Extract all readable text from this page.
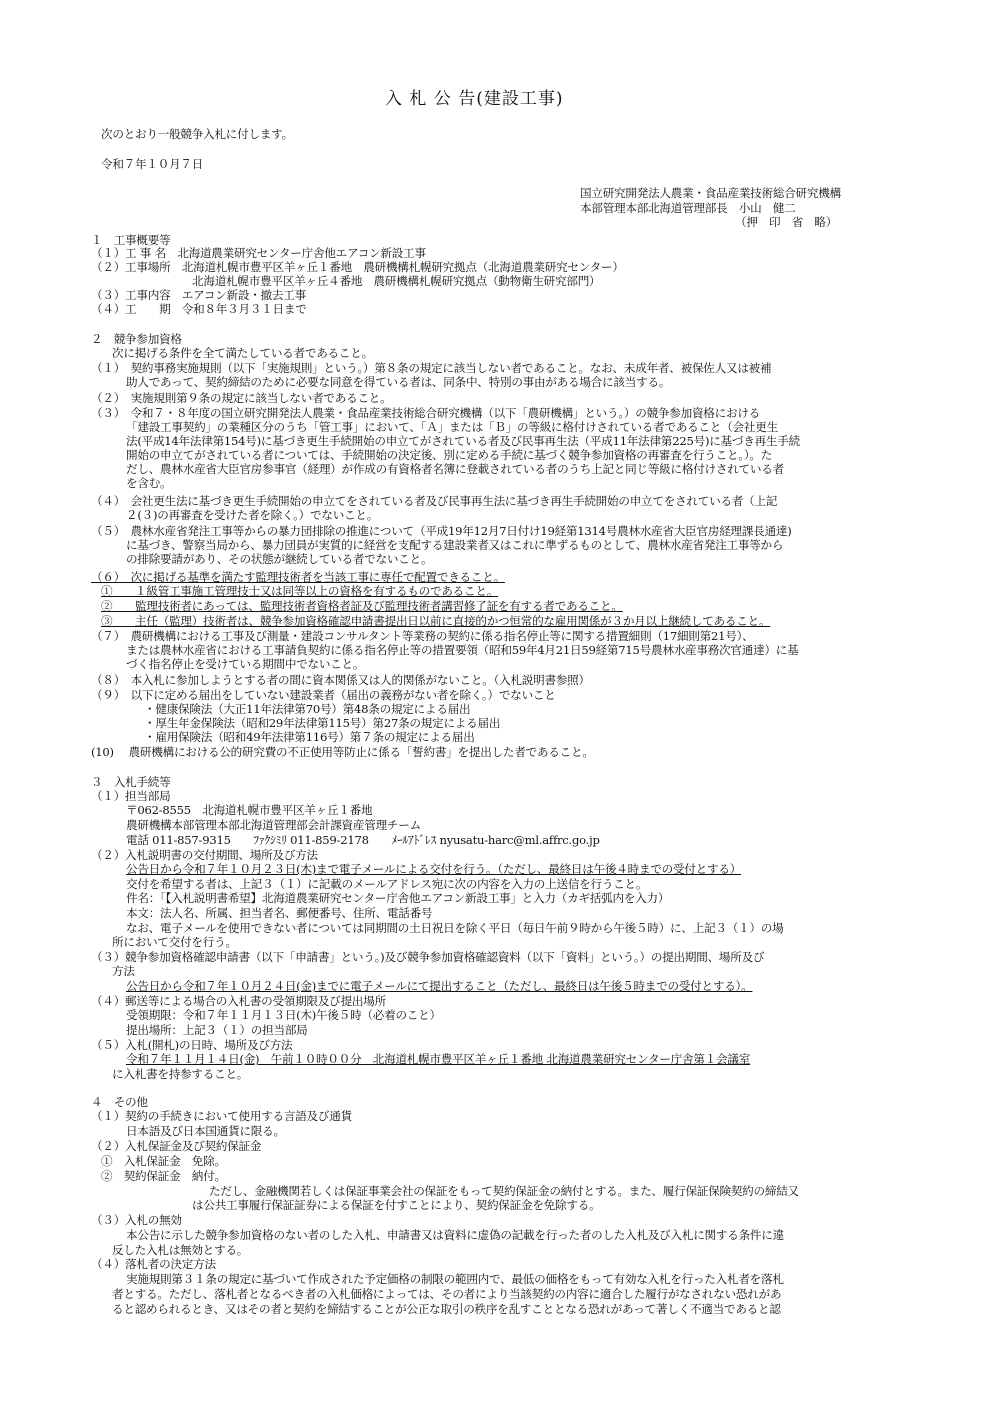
入 札 公 告(建設工事)
次のとおり一般競争入札に付します。
令和７年１０月７日
国立研究開発法人農業・食品産業技術総合研究機構
本部管理本部北海道管理部長　小山　健二
（押　印　省　略）
１　工事概要等
（１）工 事 名　北海道農業研究センター庁舎他エアコン新設工事
（２）工事場所　北海道札幌市豊平区羊ヶ丘１番地　農研機構札幌研究拠点（北海道農業研究センター）
北海道札幌市豊平区羊ヶ丘４番地　農研機構札幌研究拠点（動物衛生研究部門）
（３）工事内容　エアコン新設・撤去工事
（４）工　　期　令和８年３月３１日まで
２　競争参加資格
次に掲げる条件を全て満たしている者であること。
（１）　契約事務実施規則（以下「実施規則」という。）第８条の規定に該当しない者であること。なお、未成年者、被保佐人又は被補
助人であって、契約締結のために必要な同意を得ている者は、同条中、特別の事由がある場合に該当する。
（２）　実施規則第９条の規定に該当しない者であること。
（３）　令和７・８年度の国立研究開発法人農業・食品産業技術総合研究機構（以下「農研機構」という。）の競争参加資格における
「建設工事契約」の業種区分のうち「管工事」において、「Ａ」または「Ｂ」の等級に格付けされている者であること（会社更生
法(平成14年法律第154号)に基づき更生手続開始の申立てがされている者及び民事再生法（平成11年法律第225号)に基づき再生手続
開始の申立てがされている者については、手続開始の決定後、別に定める手続に基づく競争参加資格の再審査を行うこと。）。た
だし、農林水産省大臣官房参事官（経理）が作成の有資格者名簿に登載されている者のうち上記と同じ等級に格付けされている者
を含む。
（４）　会社更生法に基づき更生手続開始の申立てをされている者及び民事再生法に基づき再生手続開始の申立てをされている者（上記
２(３)の再審査を受けた者を除く。）でないこと。
（５）　農林水産省発注工事等からの暴力団排除の推進について（平成19年12月7日付け19経第1314号農林水産省大臣官房経理課長通達)
に基づき、警察当局から、暴力団員が実質的に経営を支配する建設業者又はこれに準ずるものとして、農林水産省発注工事等から
の排除要請があり、その状態が継続している者でないこと。
（６）　次に掲げる基準を満たす監理技術者を当該工事に専任で配置できること。
①　　１級管工事施工管理技士又は同等以上の資格を有するものであること。
②　　監理技術者にあっては、監理技術者資格者証及び監理技術者講習修了証を有する者であること。
③　　主任（監理）技術者は、競争参加資格確認申請書提出日以前に直接的かつ恒常的な雇用関係が３か月以上継続してあること。
（７）　農研機構における工事及び測量・建設コンサルタント等業務の契約に係る指名停止等に関する措置細則（17細則第21号）、
または農林水産省における工事請負契約に係る指名停止等の措置要領（昭和59年4月21日59経第715号農林水産事務次官通達）に基
づく指名停止を受けている期間中でないこと。
（８）　本入札に参加しようとする者の間に資本関係又は人的関係がないこと。（入札説明書参照）
（９）　以下に定める届出をしていない建設業者（届出の義務がない者を除く。）でないこと
・健康保険法（大正11年法律第70号）第48条の規定による届出
・厚生年金保険法（昭和29年法律第115号）第27条の規定による届出
・雇用保険法（昭和49年法律第116号）第７条の規定による届出
(10)　 農研機構における公的研究費の不正使用等防止に係る「誓約書」を提出した者であること。
３　入札手続等
（１）担当部局
〒062-8555　北海道札幌市豊平区羊ヶ丘１番地
農研機構本部管理本部北海道管理部会計課資産管理チーム
電話 011-857-9315　　ﾌｧｸｼﾐﾘ 011-859-2178　　ﾒｰﾙｱﾄﾞﾚｽ nyusatu-harc@ml.affrc.go.jp
（２）入札説明書の交付期間、場所及び方法
公告日から令和７年１０月２３日(木)まで電子メールによる交付を行う。（ただし、最終日は午後４時までの受付とする）
交付を希望する者は、上記３（１）に記載のメールアドレス宛に次の内容を入力の上送信を行うこと。
件名：「【入札説明書希望】北海道農業研究センター庁舎他エアコン新設工事」と入力（カギ括弧内を入力）
本文：法人名、所属、担当者名、郵便番号、住所、電話番号
なお、電子メールを使用できない者については同期間の土日祝日を除く平日（毎日午前９時から午後５時）に、上記３（１）の場
所において交付を行う。
（３）競争参加資格確認申請書（以下「申請書」という。)及び競争参加資格確認資料（以下「資料」という。）の提出期間、場所及び
方法
公告日から令和７年１０月２４日(金)までに電子メールにて提出すること（ただし、最終日は午後５時までの受付とする）。
（４）郵送等による場合の入札書の受領期限及び提出場所
受領期限：令和７年１１月１３日(木)午後５時（必着のこと）
提出場所：上記３（１）の担当部局
（５）入札(開札)の日時、場所及び方法
令和７年１１月１４日(金)　午前１０時００分　北海道札幌市豊平区羊ヶ丘１番地 北海道農業研究センター庁舎第１会議室
に入札書を持参すること。
４　その他
（１）契約の手続きにおいて使用する言語及び通貨
日本語及び日本国通貨に限る。
（２）入札保証金及び契約保証金
①　入札保証金　免除。
②　契約保証金　納付。
ただし、金融機関若しくは保証事業会社の保証をもって契約保証金の納付とする。また、履行保証保険契約の締結又
は公共工事履行保証証券による保証を付すことにより、契約保証金を免除する。
（３）入札の無効
本公告に示した競争参加資格のない者のした入札、申請書又は資料に虚偽の記載を行った者のした入札及び入札に関する条件に違
反した入札は無効とする。
（４）落札者の決定方法
実施規則第３１条の規定に基づいて作成された予定価格の制限の範囲内で、最低の価格をもって有効な入札を行った入札者を落札
者とする。ただし、落札者となるべき者の入札価格によっては、その者により当該契約の内容に適合した履行がなされない恐れがあ
ると認められるとき、又はその者と契約を締結することが公正な取引の秩序を乱すこととなる恐れがあって著しく不適当であると認
